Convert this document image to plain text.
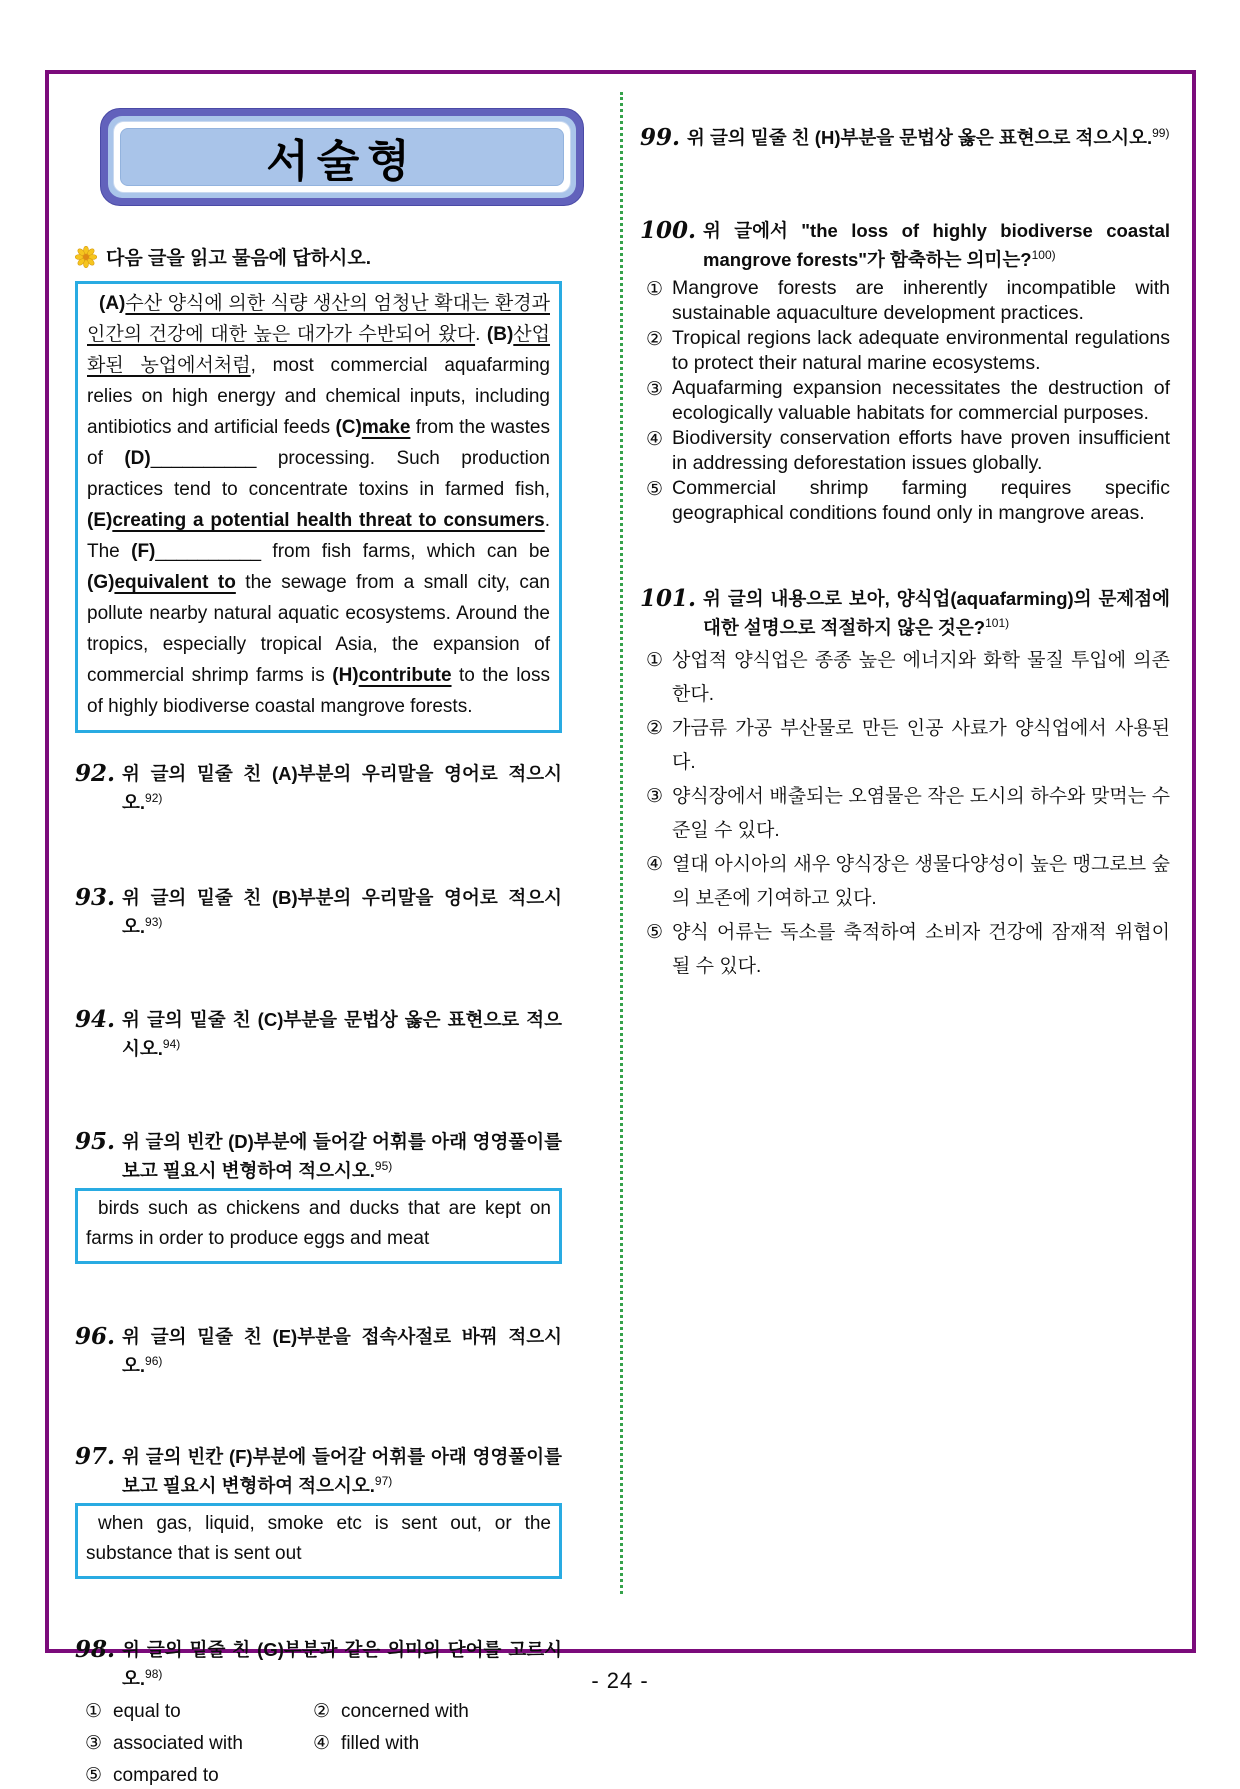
서술형
다음 글을 읽고 물음에 답하시오.
(A)수산 양식에 의한 식량 생산의 엄청난 확대는 환경과 인간의 건강에 대한 높은 대가가 수반되어 왔다. (B)산업화된 농업에서처럼, most commercial aquafarming relies on high energy and chemical inputs, including antibiotics and artificial feeds (C)make from the wastes of (D)__________ processing. Such production practices tend to concentrate toxins in farmed fish, (E)creating a potential health threat to consumers. The (F)__________ from fish farms, which can be (G)equivalent to the sewage from a small city, can pollute nearby natural aquatic ecosystems. Around the tropics, especially tropical Asia, the expansion of commercial shrimp farms is (H)contribute to the loss of highly biodiverse coastal mangrove forests.
92. 위 글의 밑줄 친 (A)부분의 우리말을 영어로 적으시오.$^{92)}$
93. 위 글의 밑줄 친 (B)부분의 우리말을 영어로 적으시오.$^{93)}$
94. 위 글의 밑줄 친 (C)부분을 문법상 옳은 표현으로 적으시오.$^{94)}$
95. 위 글의 빈칸 (D)부분에 들어갈 어휘를 아래 영영풀이를 보고 필요시 변형하여 적으시오.$^{95)}$
birds such as chickens and ducks that are kept on farms in order to produce eggs and meat
96. 위 글의 밑줄 친 (E)부분을 접속사절로 바꿔 적으시오.$^{96)}$
97. 위 글의 빈칸 (F)부분에 들어갈 어휘를 아래 영영풀이를 보고 필요시 변형하여 적으시오.$^{97)}$
when gas, liquid, smoke etc is sent out, or the substance that is sent out
98. 위 글의 밑줄 친 (G)부분과 같은 의미의 단어를 고르시오.$^{98)}$
① equal to	② concerned with
③ associated with	④ filled with
⑤ compared to
99. 위 글의 밑줄 친 (H)부분을 문법상 옳은 표현으로 적으시오.$^{99)}$
100. 위 글에서 "the loss of highly biodiverse coastal mangrove forests"가 함축하는 의미는?$^{100)}$
① Mangrove forests are inherently incompatible with sustainable aquaculture development practices.
② Tropical regions lack adequate environmental regulations to protect their natural marine ecosystems.
③ Aquafarming expansion necessitates the destruction of ecologically valuable habitats for commercial purposes.
④ Biodiversity conservation efforts have proven insufficient in addressing deforestation issues globally.
⑤ Commercial shrimp farming requires specific geographical conditions found only in mangrove areas.
101. 위 글의 내용으로 보아, 양식업(aquafarming)의 문제점에 대한 설명으로 적절하지 않은 것은?$^{101)}$
① 상업적 양식업은 종종 높은 에너지와 화학 물질 투입에 의존한다.
② 가금류 가공 부산물로 만든 인공 사료가 양식업에서 사용된다.
③ 양식장에서 배출되는 오염물은 작은 도시의 하수와 맞먹는 수준일 수 있다.
④ 열대 아시아의 새우 양식장은 생물다양성이 높은 맹그로브 숲의 보존에 기여하고 있다.
⑤ 양식 어류는 독소를 축적하여 소비자 건강에 잠재적 위협이 될 수 있다.
- 24 -
